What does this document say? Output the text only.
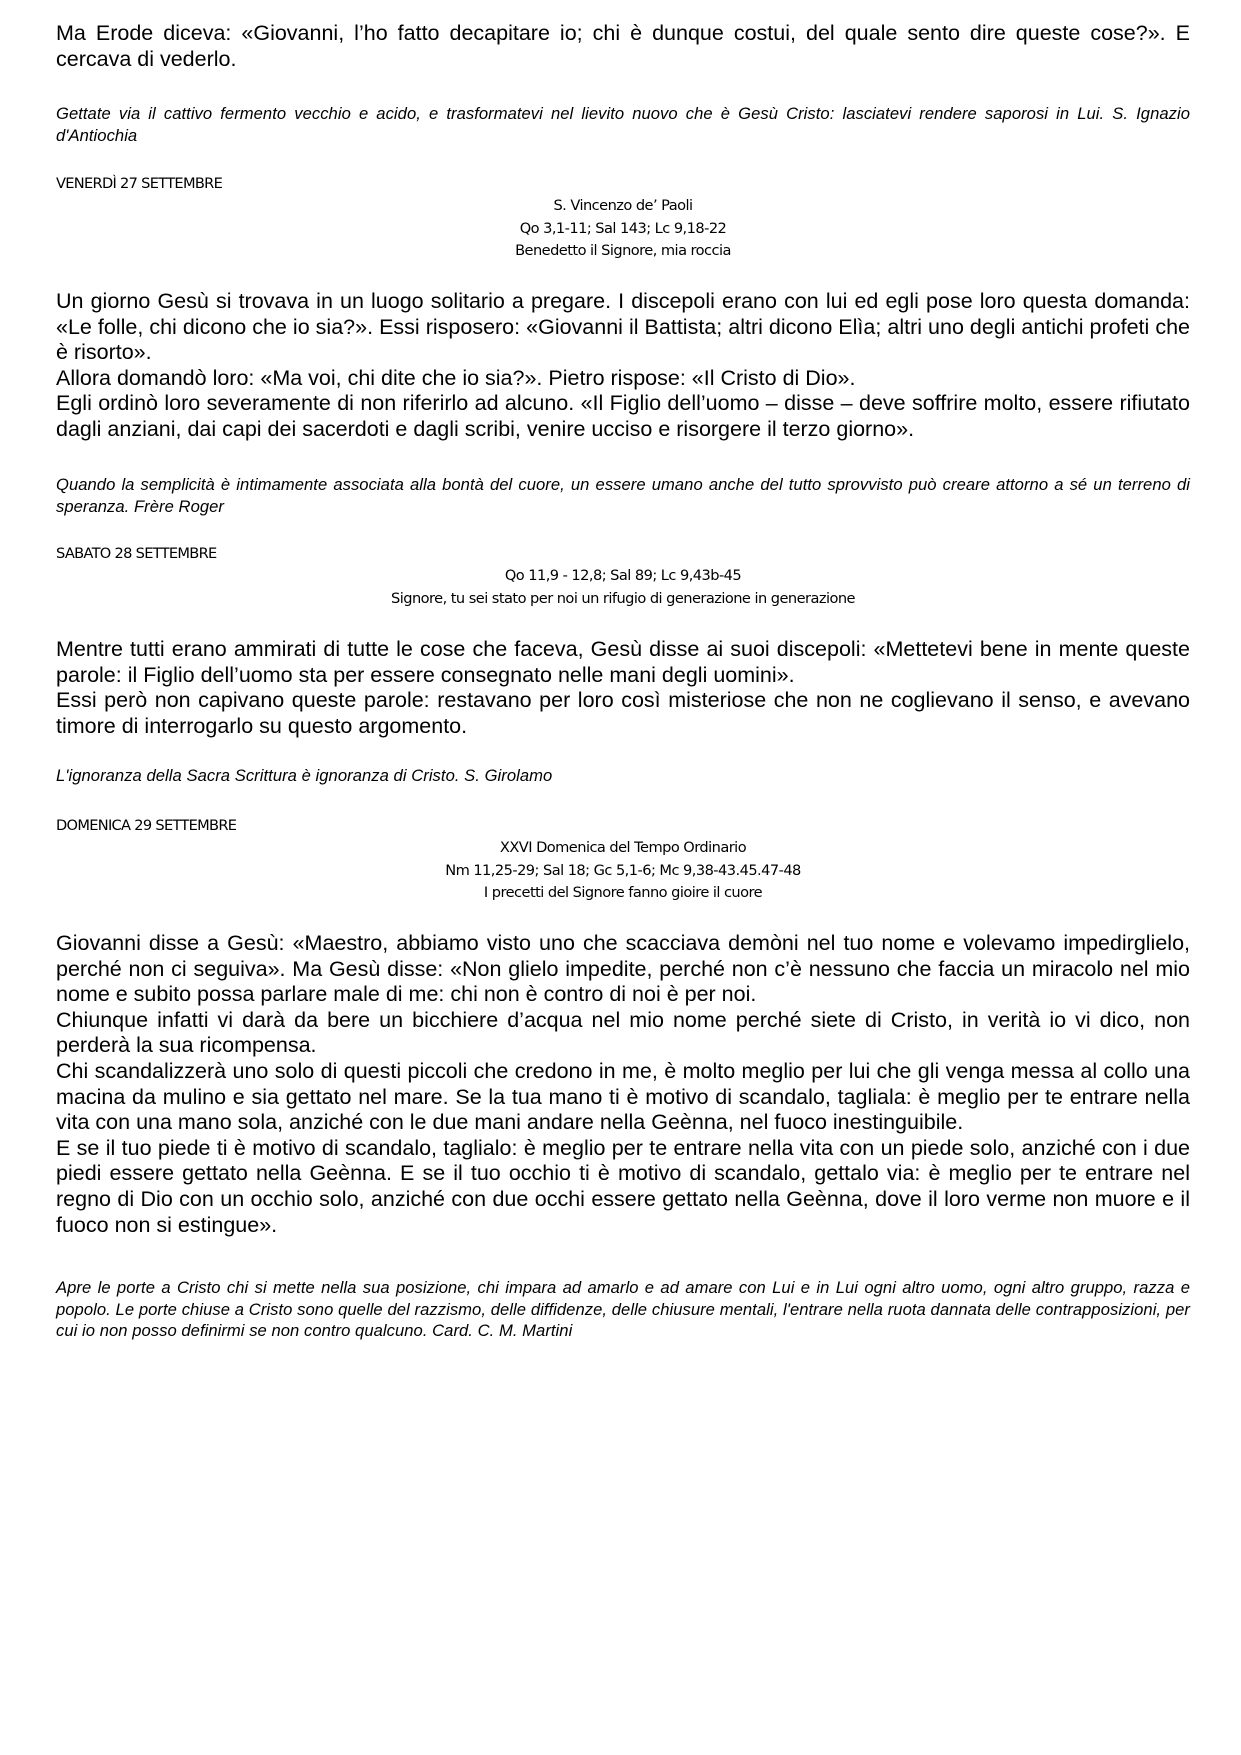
Ma Erode diceva: «Giovanni, l’ho fatto decapitare io; chi è dunque costui, del quale sento dire queste cose?». E cercava di vederlo.

Gettate via il cattivo fermento vecchio e acido, e trasformatevi nel lievito nuovo che è Gesù Cristo: lasciatevi rendere saporosi in Lui. S. Ignazio d'Antiochia
VENERDÌ 27 SETTEMBRE
S. Vincenzo de’ Paoli
Qo 3,1-11; Sal 143; Lc 9,18-22
Benedetto il Signore, mia roccia

Un giorno Gesù si trovava in un luogo solitario a pregare. I discepoli erano con lui ed egli pose loro questa domanda: «Le folle, chi dicono che io sia?». Essi risposero: «Giovanni il Battista; altri dicono Elìa; altri uno degli antichi profeti che è risorto».

Allora domandò loro: «Ma voi, chi dite che io sia?». Pietro rispose: «Il Cristo di Dio».

Egli ordinò loro severamente di non riferirlo ad alcuno. «Il Figlio dell’uomo – disse – deve soffrire molto, essere rifiutato dagli anziani, dai capi dei sacerdoti e dagli scribi, venire ucciso e risorgere il terzo giorno».

Quando la semplicità è intimamente associata alla bontà del cuore, un essere umano anche del tutto sprovvisto può creare attorno a sé un terreno di speranza. Frère Roger
SABATO 28 SETTEMBRE
Qo 11,9 - 12,8; Sal 89; Lc 9,43b-45
Signore, tu sei stato per noi un rifugio di generazione in generazione

Mentre tutti erano ammirati di tutte le cose che faceva, Gesù disse ai suoi discepoli: «Mettetevi bene in mente queste parole: il Figlio dell’uomo sta per essere consegnato nelle mani degli uomini».

Essi però non capivano queste parole: restavano per loro così misteriose che non ne coglievano il senso, e avevano timore di interrogarlo su questo argomento.

L'ignoranza della Sacra Scrittura è ignoranza di Cristo. S. Girolamo
DOMENICA 29 SETTEMBRE
XXVI Domenica del Tempo Ordinario
Nm 11,25-29; Sal 18; Gc 5,1-6; Mc 9,38-43.45.47-48
I precetti del Signore fanno gioire il cuore

Giovanni disse a Gesù: «Maestro, abbiamo visto uno che scacciava demòni nel tuo nome e volevamo impedirglielo, perché non ci seguiva». Ma Gesù disse: «Non glielo impedite, perché non c’è nessuno che faccia un miracolo nel mio nome e subito possa parlare male di me: chi non è contro di noi è per noi.

Chiunque infatti vi darà da bere un bicchiere d’acqua nel mio nome perché siete di Cristo, in verità io vi dico, non perderà la sua ricompensa.

Chi scandalizzerà uno solo di questi piccoli che credono in me, è molto meglio per lui che gli venga messa al collo una macina da mulino e sia gettato nel mare. Se la tua mano ti è motivo di scandalo, tagliala: è meglio per te entrare nella vita con una mano sola, anziché con le due mani andare nella Geènna, nel fuoco inestinguibile.

E se il tuo piede ti è motivo di scandalo, taglialo: è meglio per te entrare nella vita con un piede solo, anziché con i due piedi essere gettato nella Geènna. E se il tuo occhio ti è motivo di scandalo, gettalo via: è meglio per te entrare nel regno di Dio con un occhio solo, anziché con due occhi essere gettato nella Geènna, dove il loro verme non muore e il fuoco non si estingue».

Apre le porte a Cristo chi si mette nella sua posizione, chi impara ad amarlo e ad amare con Lui e in Lui ogni altro uomo, ogni altro gruppo, razza e popolo. Le porte chiuse a Cristo sono quelle del razzismo, delle diffidenze, delle chiusure mentali, l'entrare nella ruota dannata delle contrapposizioni, per cui io non posso definirmi se non contro qualcuno. Card. C. M. Martini
